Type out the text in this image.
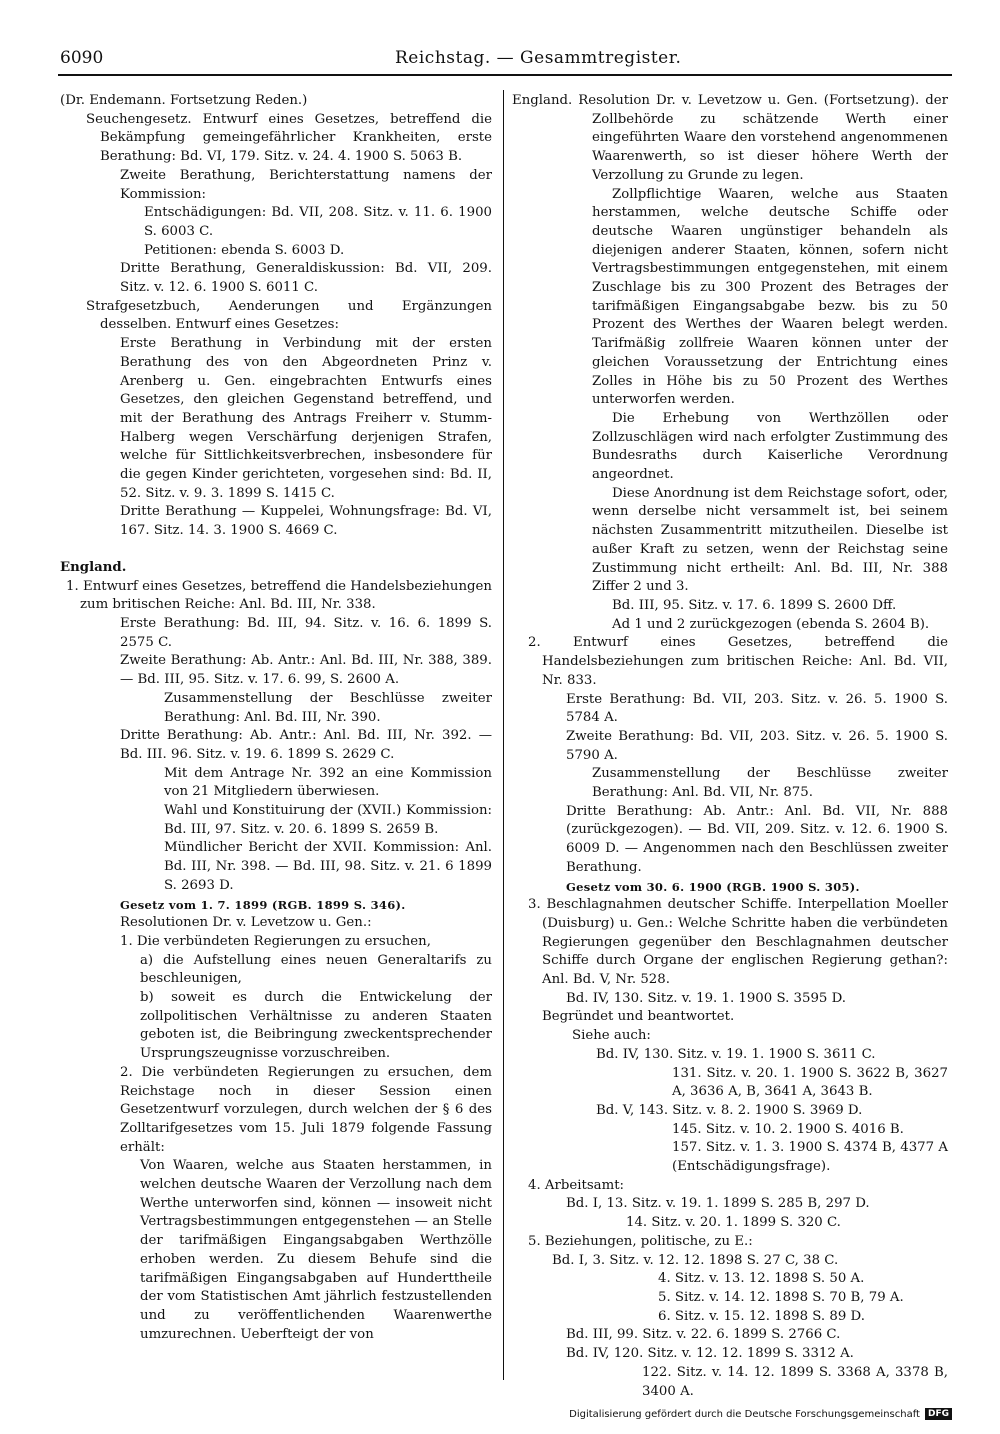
6090	Reichstag. — Gesammtregister.

(Dr. Endemann. Fortsetzung Reden.)

Seuchengesetz. Entwurf eines Gesetzes, betreffend die Bekämpfung gemeingefährlicher Krankheiten, erste Berathung: Bd. VI, 179. Sitz. v. 24. 4. 1900 S. 5063 B.

Zweite Berathung, Berichterstattung namens der Kommission:

Entschädigungen: Bd. VII, 208. Sitz. v. 11. 6. 1900 S. 6003 C.

Petitionen: ebenda S. 6003 D.

Dritte Berathung, Generaldiskussion: Bd. VII, 209. Sitz. v. 12. 6. 1900 S. 6011 C.

Strafgesetzbuch, Aenderungen und Ergänzungen desselben. Entwurf eines Gesetzes:

Erste Berathung in Verbindung mit der ersten Berathung des von den Abgeordneten Prinz v. Arenberg u. Gen. eingebrachten Entwurfs eines Gesetzes, den gleichen Gegenstand betreffend, und mit der Berathung des Antrags Freiherr v. Stumm-Halberg wegen Verschärfung derjenigen Strafen, welche für Sittlichkeitsverbrechen, insbesondere für die gegen Kinder gerichteten, vorgesehen sind: Bd. II, 52. Sitz. v. 9. 3. 1899 S. 1415 C.

Dritte Berathung — Kuppelei, Wohnungsfrage: Bd. VI, 167. Sitz. 14. 3. 1900 S. 4669 C.

England.

1. Entwurf eines Gesetzes, betreffend die Handelsbeziehungen zum britischen Reiche: Anl. Bd. III, Nr. 338.

Erste Berathung: Bd. III, 94. Sitz. v. 16. 6. 1899 S. 2575 C.

Zweite Berathung: Ab. Antr.: Anl. Bd. III, Nr. 388, 389. — Bd. III, 95. Sitz. v. 17. 6. 99, S. 2600 A.

Zusammenstellung der Beschlüsse zweiter Berathung: Anl. Bd. III, Nr. 390.

Dritte Berathung: Ab. Antr.: Anl. Bd. III, Nr. 392. — Bd. III. 96. Sitz. v. 19. 6. 1899 S. 2629 C.

Mit dem Antrage Nr. 392 an eine Kommission von 21 Mitgliedern überwiesen.

Wahl und Konstituirung der (XVII.) Kommission: Bd. III, 97. Sitz. v. 20. 6. 1899 S. 2659 B.

Mündlicher Bericht der XVII. Kommission: Anl. Bd. III, Nr. 398. — Bd. III, 98. Sitz. v. 21. 6 1899 S. 2693 D.

Gesetz vom 1. 7. 1899 (RGB. 1899 S. 346).

Resolutionen Dr. v. Levetzow u. Gen.:

1. Die verbündeten Regierungen zu ersuchen,

a) die Aufstellung eines neuen Generaltarifs zu beschleunigen,

b) soweit es durch die Entwickelung der zollpolitischen Verhältnisse zu anderen Staaten geboten ist, die Beibringung zweckentsprechender Ursprungszeugnisse vorzuschreiben.

2. Die verbündeten Regierungen zu ersuchen, dem Reichstage noch in dieser Session einen Gesetzentwurf vorzulegen, durch welchen der § 6 des Zolltarifgesetzes vom 15. Juli 1879 folgende Fassung erhält:

Von Waaren, welche aus Staaten herstammen, in welchen deutsche Waaren der Verzollung nach dem Werthe unterworfen sind, können — insoweit nicht Vertragsbestimmungen entgegenstehen — an Stelle der tarifmäßigen Eingangsabgaben Werthzölle erhoben werden. Zu diesem Behufe sind die tarifmäßigen Eingangsabgaben auf Hunderttheile der vom Statistischen Amt jährlich festzustellenden und zu veröffentlichenden Waarenwerthe umzurechnen. Ueberfteigt der von

England. Resolution Dr. v. Levetzow u. Gen. (Fortsetzung). der Zollbehörde zu schätzende Werth einer eingeführten Waare den vorstehend angenommenen Waarenwerth, so ist dieser höhere Werth der Verzollung zu Grunde zu legen.

Zollpflichtige Waaren, welche aus Staaten herstammen, welche deutsche Schiffe oder deutsche Waaren ungünstiger behandeln als diejenigen anderer Staaten, können, sofern nicht Vertragsbestimmungen entgegenstehen, mit einem Zuschlage bis zu 300 Prozent des Betrages der tarifmäßigen Eingangsabgabe bezw. bis zu 50 Prozent des Werthes der Waaren belegt werden. Tarifmäßig zollfreie Waaren können unter der gleichen Voraussetzung der Entrichtung eines Zolles in Höhe bis zu 50 Prozent des Werthes unterworfen werden.

Die Erhebung von Werthzöllen oder Zollzuschlägen wird nach erfolgter Zustimmung des Bundesraths durch Kaiserliche Verordnung angeordnet.

Diese Anordnung ist dem Reichstage sofort, oder, wenn derselbe nicht versammelt ist, bei seinem nächsten Zusammentritt mitzutheilen. Dieselbe ist außer Kraft zu setzen, wenn der Reichstag seine Zustimmung nicht ertheilt: Anl. Bd. III, Nr. 388 Ziffer 2 und 3.

Bd. III, 95. Sitz. v. 17. 6. 1899 S. 2600 Dff.

Ad 1 und 2 zurückgezogen (ebenda S. 2604 B).

2. Entwurf eines Gesetzes, betreffend die Handelsbeziehungen zum britischen Reiche: Anl. Bd. VII, Nr. 833.

Erste Berathung: Bd. VII, 203. Sitz. v. 26. 5. 1900 S. 5784 A.

Zweite Berathung: Bd. VII, 203. Sitz. v. 26. 5. 1900 S. 5790 A.

Zusammenstellung der Beschlüsse zweiter Berathung: Anl. Bd. VII, Nr. 875.

Dritte Berathung: Ab. Antr.: Anl. Bd. VII, Nr. 888 (zurückgezogen). — Bd. VII, 209. Sitz. v. 12. 6. 1900 S. 6009 D. — Angenommen nach den Beschlüssen zweiter Berathung.

Gesetz vom 30. 6. 1900 (RGB. 1900 S. 305).

3. Beschlagnahmen deutscher Schiffe. Interpellation Moeller (Duisburg) u. Gen.: Welche Schritte haben die verbündeten Regierungen gegenüber den Beschlagnahmen deutscher Schiffe durch Organe der englischen Regierung gethan?: Anl. Bd. V, Nr. 528.

Bd. IV, 130. Sitz. v. 19. 1. 1900 S. 3595 D.

Begründet und beantwortet.

Siehe auch:

Bd. IV, 130. Sitz. v. 19. 1. 1900 S. 3611 C.

131. Sitz. v. 20. 1. 1900 S. 3622 B, 3627 A, 3636 A, B, 3641 A, 3643 B.

Bd. V, 143. Sitz. v. 8. 2. 1900 S. 3969 D.

145. Sitz. v. 10. 2. 1900 S. 4016 B.

157. Sitz. v. 1. 3. 1900 S. 4374 B, 4377 A (Entschädigungsfrage).

4. Arbeitsamt:

Bd. I, 13. Sitz. v. 19. 1. 1899 S. 285 B, 297 D.

14. Sitz. v. 20. 1. 1899 S. 320 C.

5. Beziehungen, politische, zu E.:

Bd. I, 3. Sitz. v. 12. 12. 1898 S. 27 C, 38 C.

4. Sitz. v. 13. 12. 1898 S. 50 A.

5. Sitz. v. 14. 12. 1898 S. 70 B, 79 A.

6. Sitz. v. 15. 12. 1898 S. 89 D.

Bd. III, 99. Sitz. v. 22. 6. 1899 S. 2766 C.

Bd. IV, 120. Sitz. v. 12. 12. 1899 S. 3312 A.

122. Sitz. v. 14. 12. 1899 S. 3368 A, 3378 B, 3400 A.

Digitalisierung gefördert durch die Deutsche Forschungsgemeinschaft DFG
